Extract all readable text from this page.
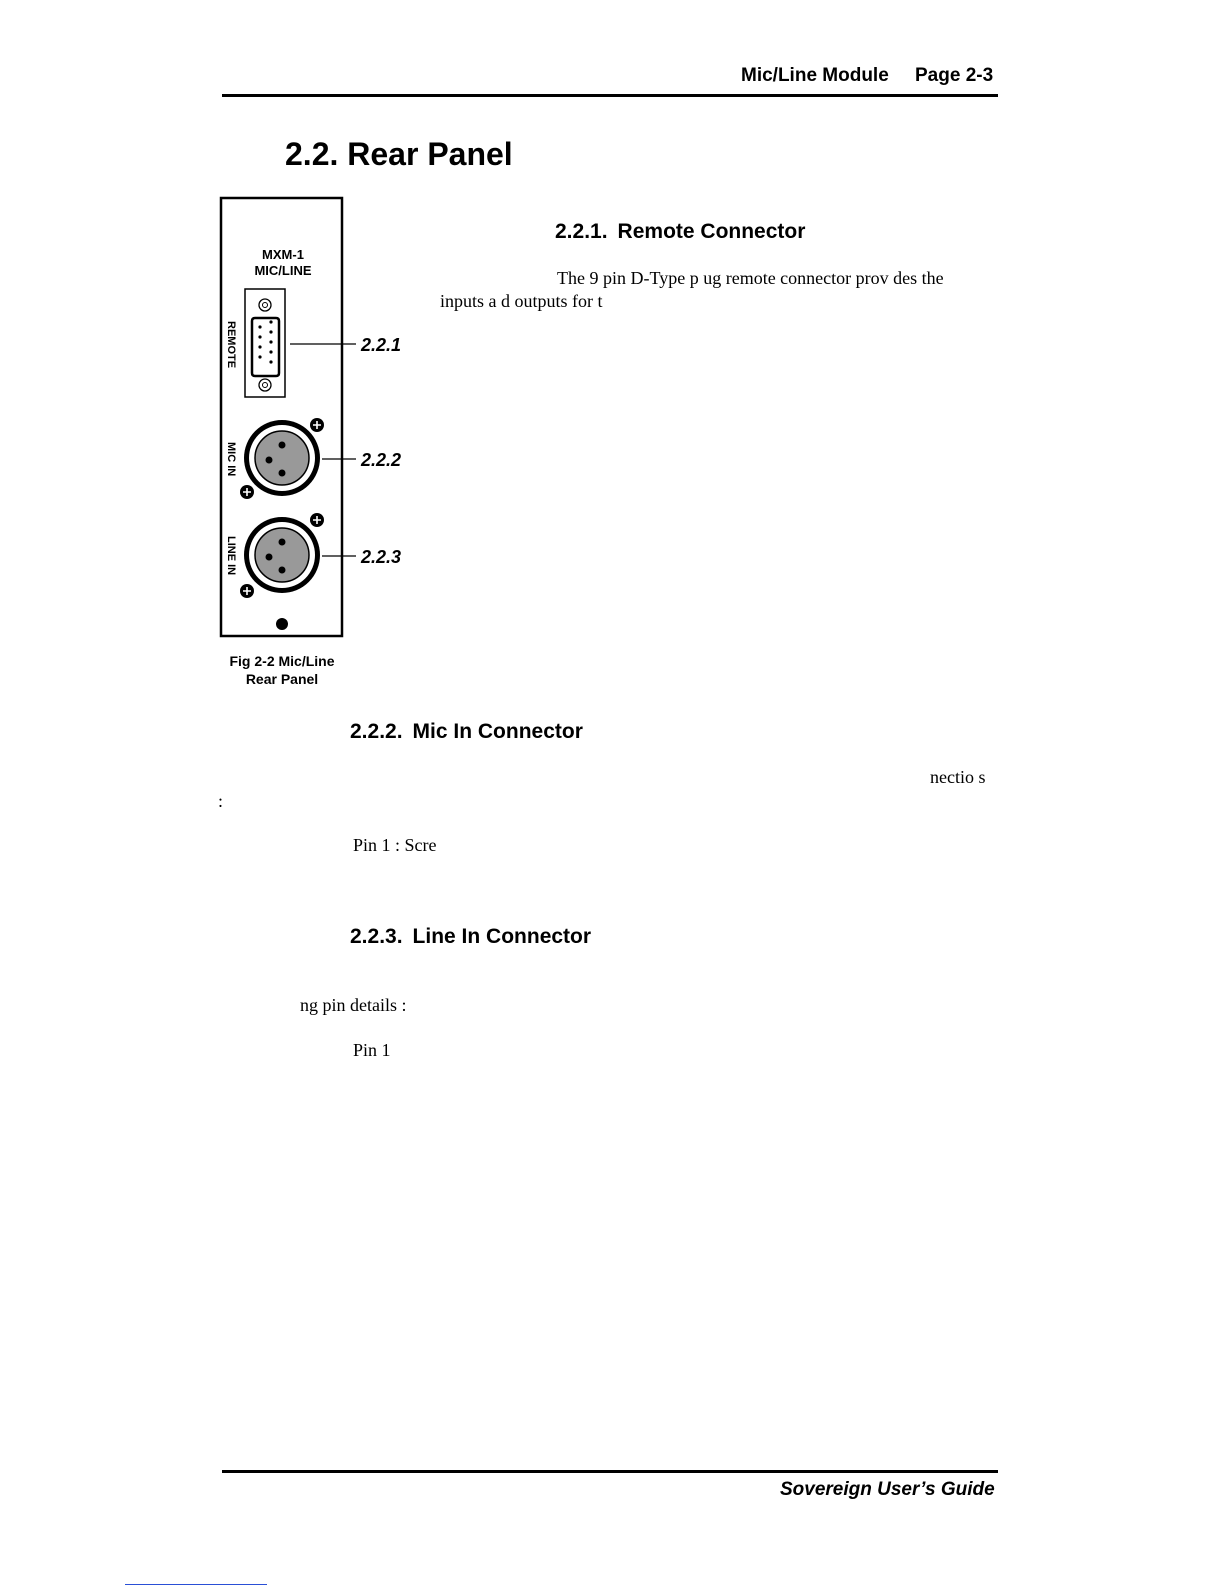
Mic/Line Module Page 2-3
2.2. Rear Panel
MXM-1
MIC/LINE
REMOTE
MIC IN
LINE IN
2.2.1
2.2.2
2.2.3
Fig 2-2 Mic/Line
Rear Panel
2.2.1. Remote Connector
The 9 pin D-Type p ug remote connector prov des the
inputs a d outputs for t
2.2.2. Mic In Connector
nectio s
:
Pin 1 : Scre
2.2.3. Line In Connector
ng pin details :
Pin 1
Sovereign User’s Guide
